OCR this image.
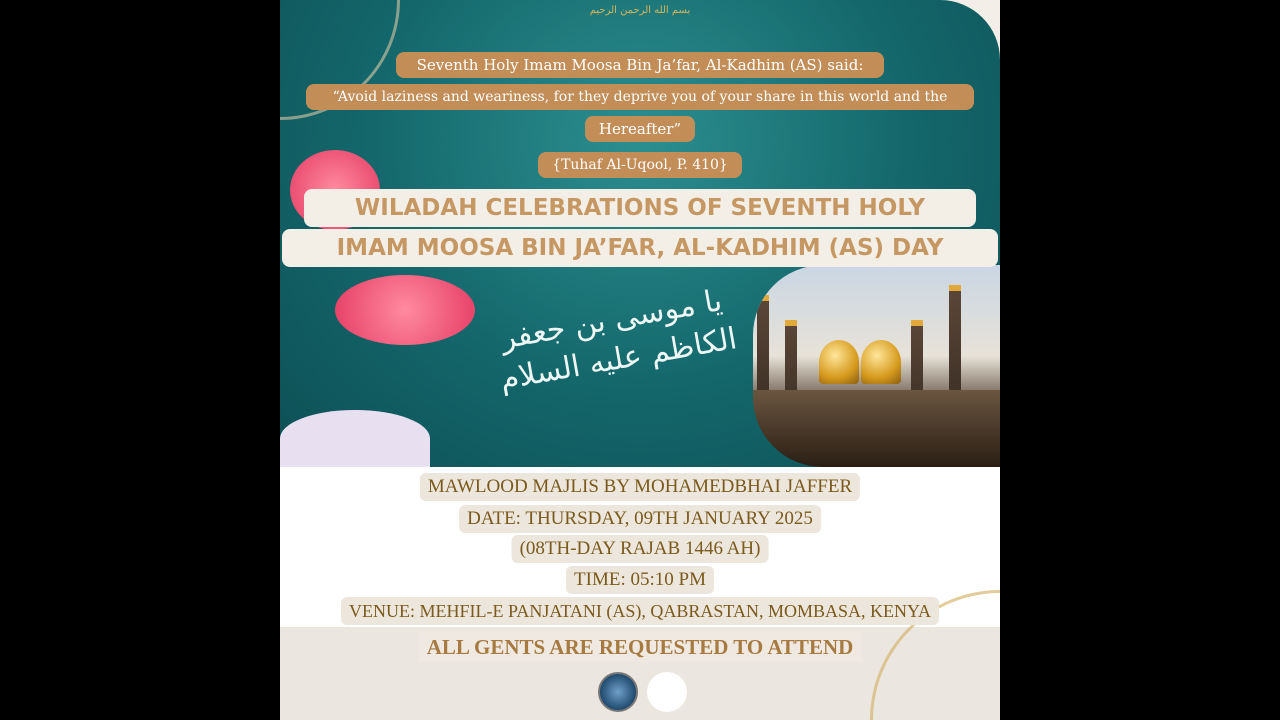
بسم الله الرحمن الرحيم
يا موسى بن جعفر الكاظم عليه السلام
Seventh Holy Imam Moosa Bin Ja’far, Al-Kadhim (AS) said:
“Avoid laziness and weariness, for they deprive you of your share in this world and the
Hereafter”
{Tuhaf Al-Uqool, P. 410}
WILADAH CELEBRATIONS OF SEVENTH HOLY
IMAM MOOSA BIN JA’FAR, AL-KADHIM (AS) DAY
MAWLOOD MAJLIS BY MOHAMEDBHAI JAFFER
DATE: THURSDAY, 09TH JANUARY 2025
(08TH-DAY RAJAB 1446 AH)
TIME: 05:10 PM
VENUE: MEHFIL-E PANJATANI (AS), QABRASTAN, MOMBASA, KENYA
ALL GENTS ARE REQUESTED TO ATTEND
